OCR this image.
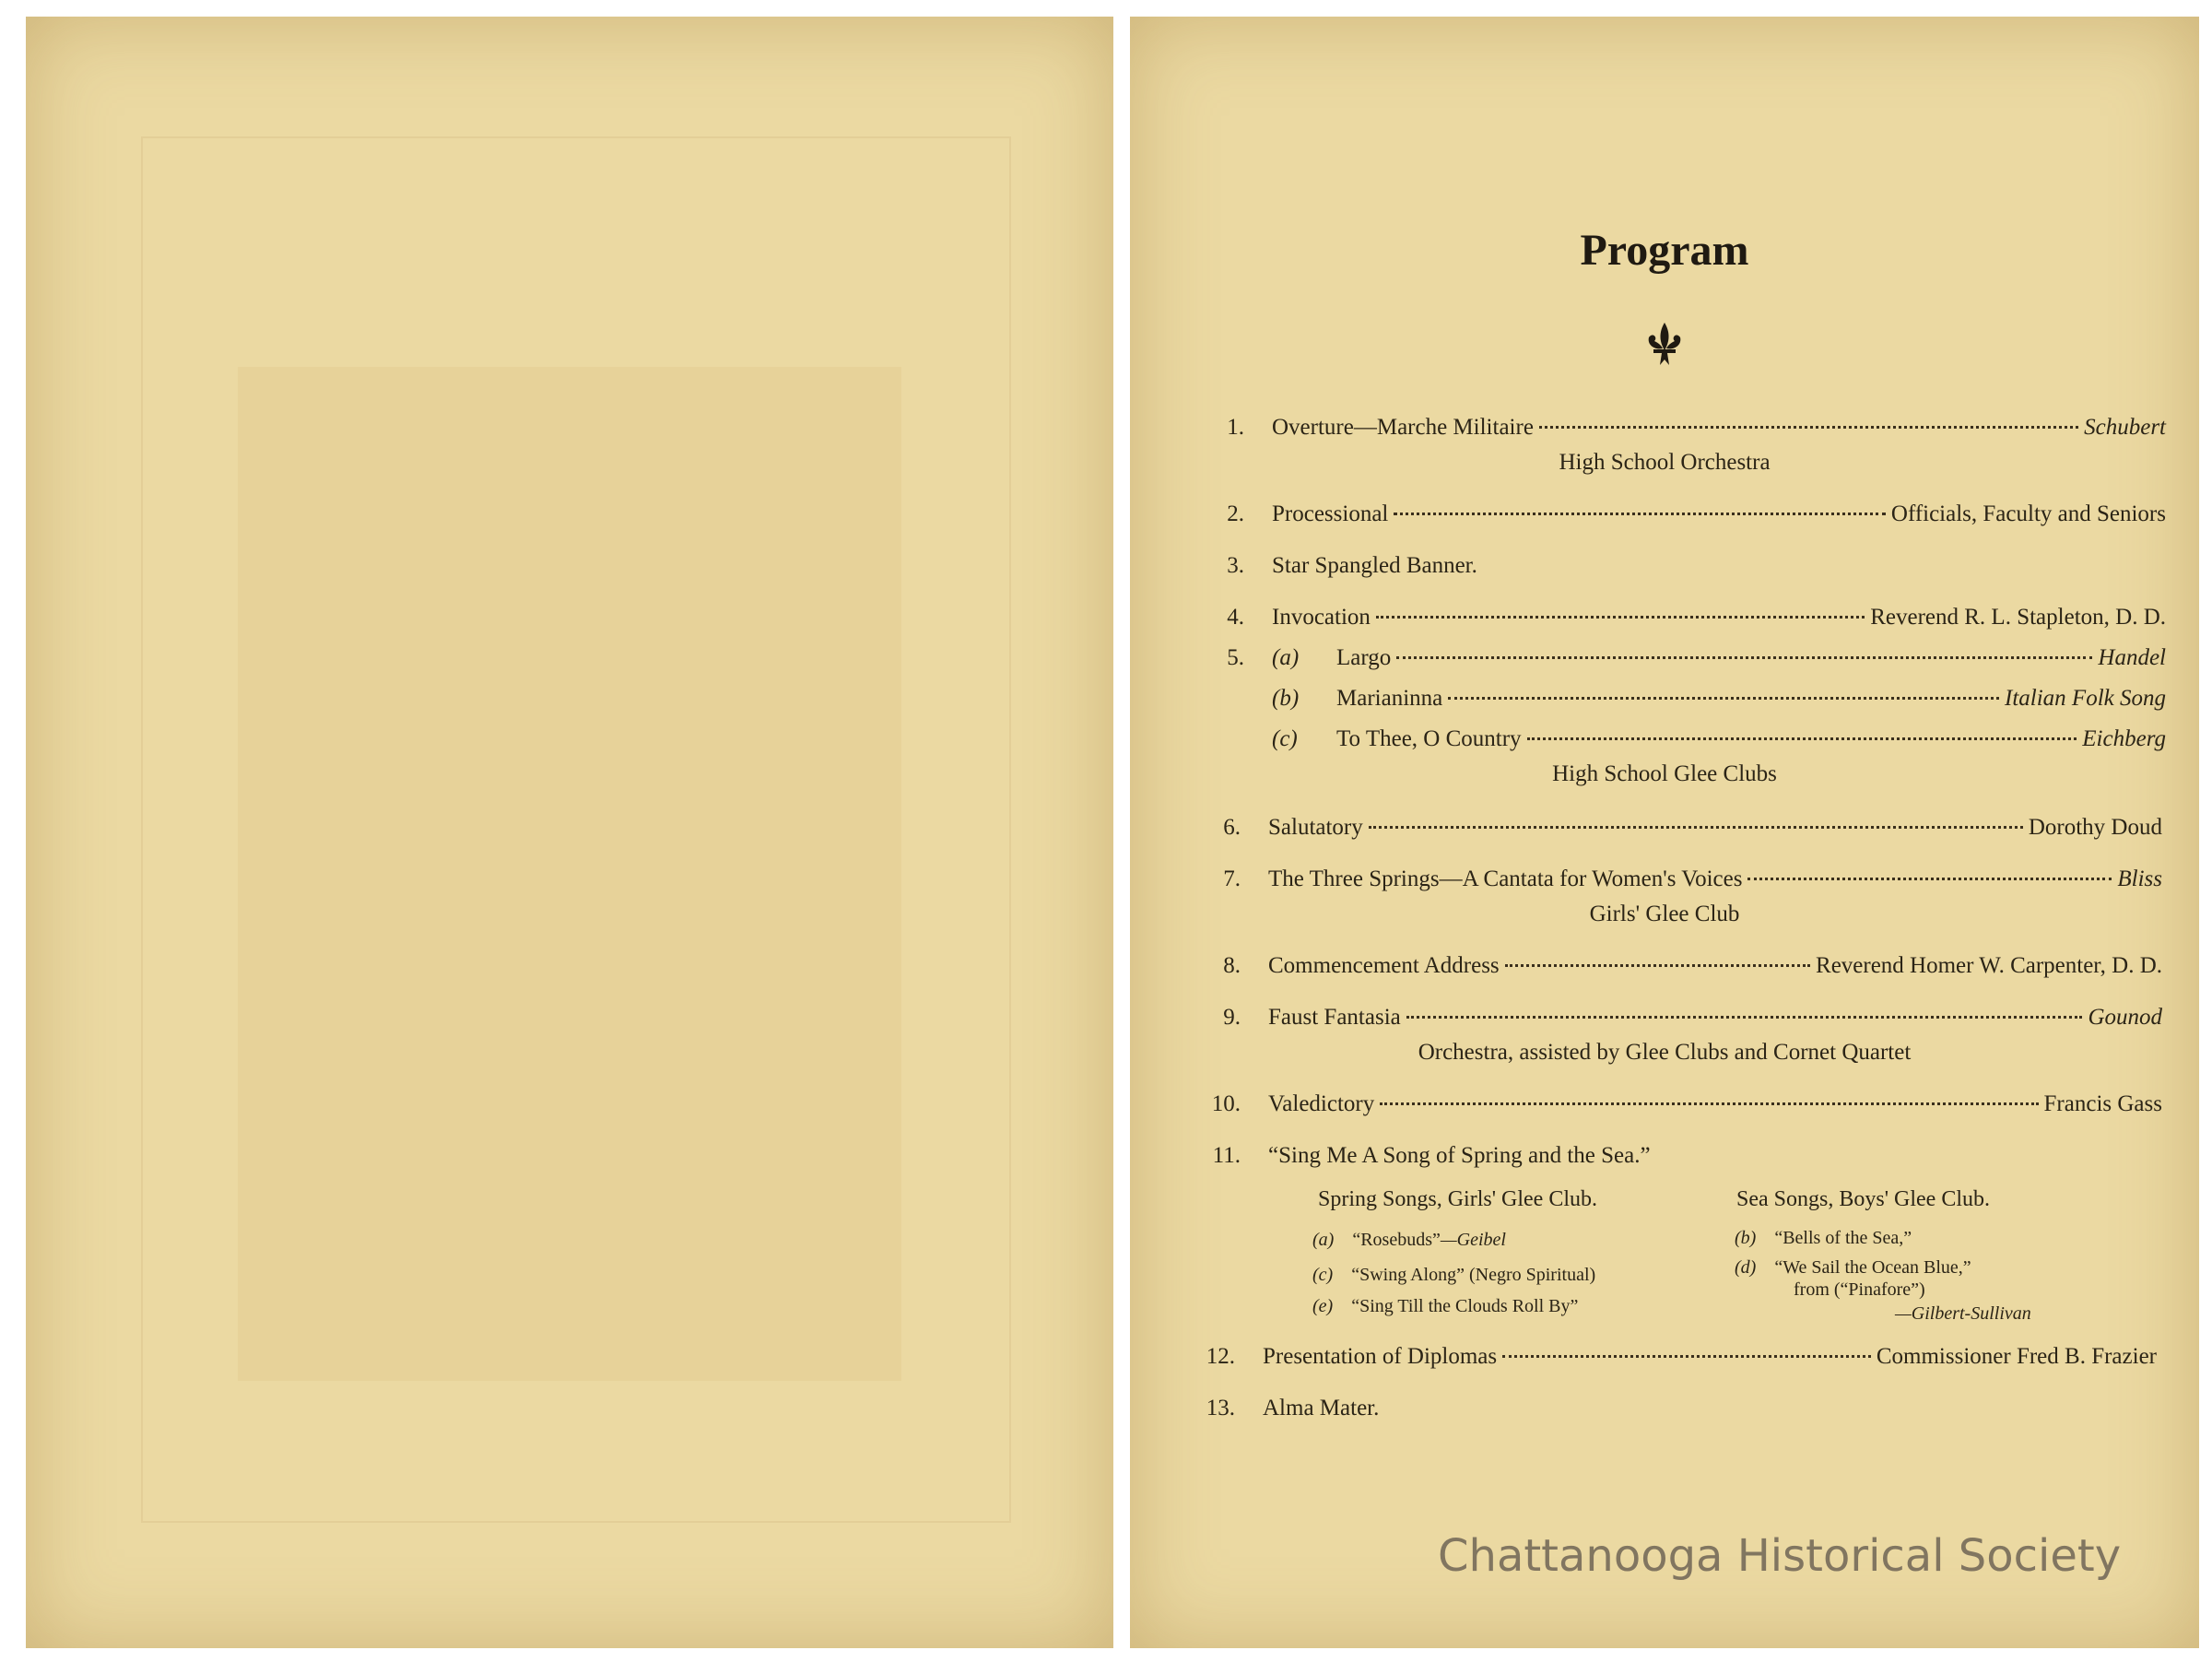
Program
1. Overture—Marche Militaire	Schubert
High School Orchestra
2. Processional	Officials, Faculty and Seniors
3. Star Spangled Banner.
4. Invocation	Reverend R. L. Stapleton, D. D.
5. (a)	Largo	Handel
(b)	Marianinna	Italian Folk Song
(c)	To Thee, O Country	Eichberg
High School Glee Clubs
6. Salutatory	Dorothy Doud
7. The Three Springs—A Cantata for Women's Voices	Bliss
Girls' Glee Club
8. Commencement Address	Reverend Homer W. Carpenter, D. D.
9. Faust Fantasia	Gounod
Orchestra, assisted by Glee Clubs and Cornet Quartet
10. Valedictory	Francis Gass
11. “Sing Me A Song of Spring and the Sea.”
Spring Songs, Girls' Glee Club.	Sea Songs, Boys' Glee Club.
(a) “Rosebuds”—Geibel
(c) “Swing Along” (Negro Spiritual)
(e) “Sing Till the Clouds Roll By”
(b) “Bells of the Sea,”
(d) “We Sail the Ocean Blue,”
from (“Pinafore”)
—Gilbert-Sullivan
12. Presentation of Diplomas	Commissioner Fred B. Frazier
13. Alma Mater.
Chattanooga Historical Society
